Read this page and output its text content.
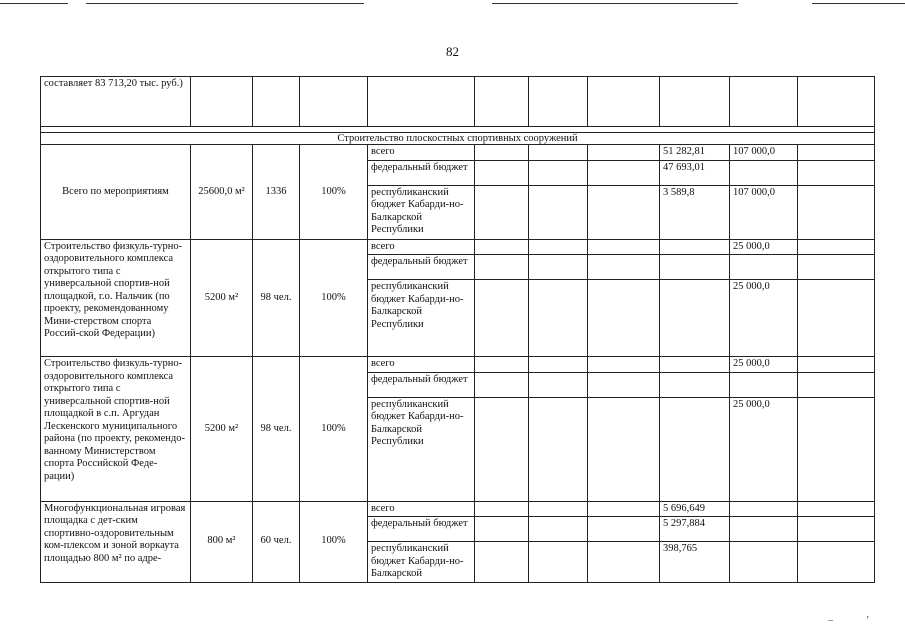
82
составляет 83 713,20 тыс. руб.)										

Строительство плоскостных спортивных сооружений										
Всего по мероприятиям	25600,0 м²	1336	100%	всего				51 282,81	107 000,0	
				федеральный бюджет				47 693,01		
				республиканский бюджет Кабарди-но-Балкарской Республики				3 589,8	107 000,0	
Строительство физкуль-турно-оздоровительного комплекса открытого типа с универсальной спортив-ной площадкой, г.о. Нальчик (по проекту, рекомендованному Мини-стерством спорта Россий-ской Федерации)	5200 м²	98 чел.	100%	всего					25 000,0	
				федеральный бюджет						
				республиканский бюджет Кабарди-но-Балкарской Республики					25 000,0	
Строительство физкуль-турно-оздоровительного комплекса открытого типа с универсальной спортив-ной площадкой в с.п. Аргудан Лескенского муниципального района (по проекту, рекомендо-ванному Министерством спорта Российской Феде-рации)	5200 м²	98 чел.	100%	всего					25 000,0	
				федеральный бюджет						
				республиканский бюджет Кабарди-но-Балкарской Республики					25 000,0	
Многофункциональная игровая площадка с дет-ским спортивно-оздоровительным ком-плексом и зоной воркаута площадью 800 м² по адре-	800 м²	60 чел.	100%	всего				5 696,649		
				федеральный бюджет				5 297,884		
				республиканский бюджет Кабарди-но-Балкарской				398,765		
–	ʼ
